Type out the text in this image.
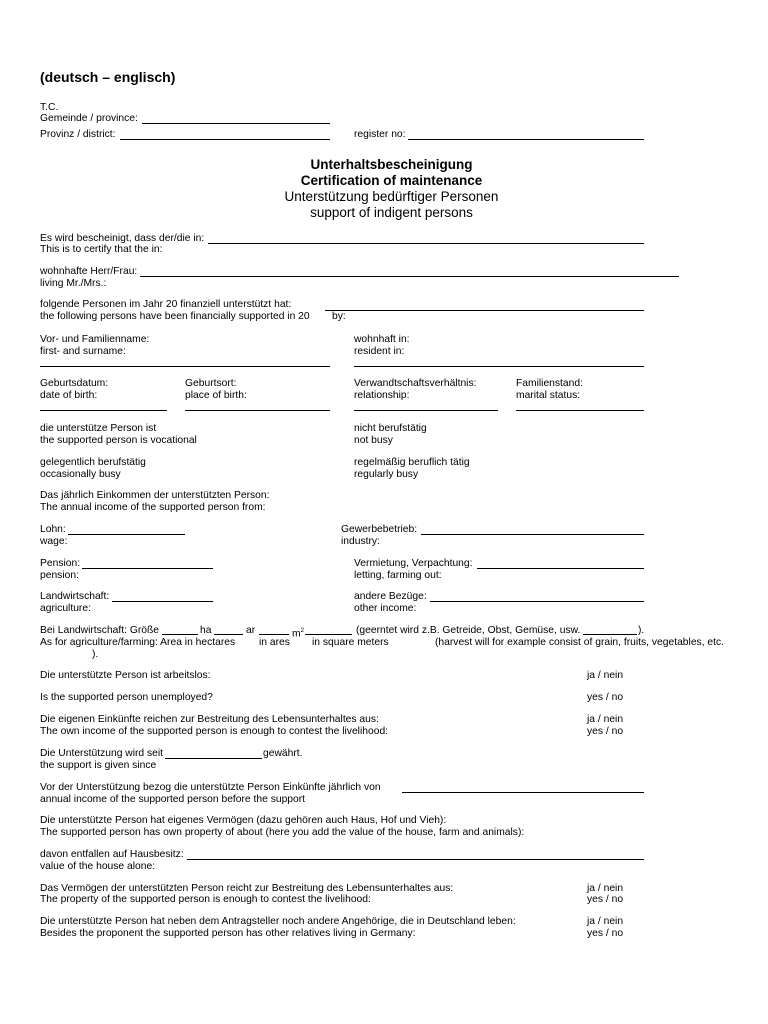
(deutsch – englisch)
T.C.
Gemeinde / province:
Provinz / district:	register no:
Unterhaltsbescheinigung
Certification of maintenance
Unterstützung bedürftiger Personen
support of indigent persons
Es wird bescheinigt, dass der/die in:
This is to certify that the in:
wohnhafte Herr/Frau:
living Mr./Mrs.:
folgende Personen im Jahr 20 finanziell unterstützt hat:
the following persons have been financially supported in 20 by:
Vor- und Familienname:
first- and surname:
wohnhaft in:
resident in:
Geburtsdatum:
date of birth:
Geburtsort:
place of birth:
Verwandtschaftsverhältnis:
relationship:
Familienstand:
marital status:
die unterstütze Person ist
the supported person is vocational
nicht berufstätig
not busy
gelegentlich berufstätig
occasionally busy
regelmäßig beruflich tätig
regularly busy
Das jährlich Einkommen der unterstützten Person:
The annual income of the supported person from:
Lohn:
wage:
Gewerbebetrieb:
industry:
Pension:
pension:
Vermietung, Verpachtung:
letting, farming out:
Landwirtschaft:
agriculture:
andere Bezüge:
other income:
Bei Landwirtschaft: Größe	ha	ar	$m^2$	(geerntet wird z.B. Getreide, Obst, Gemüse, usw.	).
As for agriculture/farming: Area in hectares in ares in square meters	(harvest will for example consist of grain, fruits, vegetables, etc.
).
Die unterstützte Person ist arbeitslos:	ja / nein
Is the supported person unemployed?	yes / no
Die eigenen Einkünfte reichen zur Bestreitung des Lebensunterhaltes aus:	ja / nein
The own income of the supported person is enough to contest the livelihood:	yes / no
Die Unterstützung wird seit	gewährt.
the support is given since
Vor der Unterstützung bezog die unterstützte Person Einkünfte jährlich von
annual income of the supported person before the support
Die unterstützte Person hat eigenes Vermögen (dazu gehören auch Haus, Hof und Vieh):
The supported person has own property of about (here you add the value of the house, farm and animals):
davon entfallen auf Hausbesitz:
value of the house alone:
Das Vermögen der unterstützten Person reicht zur Bestreitung des Lebensunterhaltes aus:	ja / nein
The property of the supported person is enough to contest the livelihood:	yes / no
Die unterstützte Person hat neben dem Antragsteller noch andere Angehörige, die in Deutschland leben:	ja / nein
Besides the proponent the supported person has other relatives living in Germany:	yes / no
